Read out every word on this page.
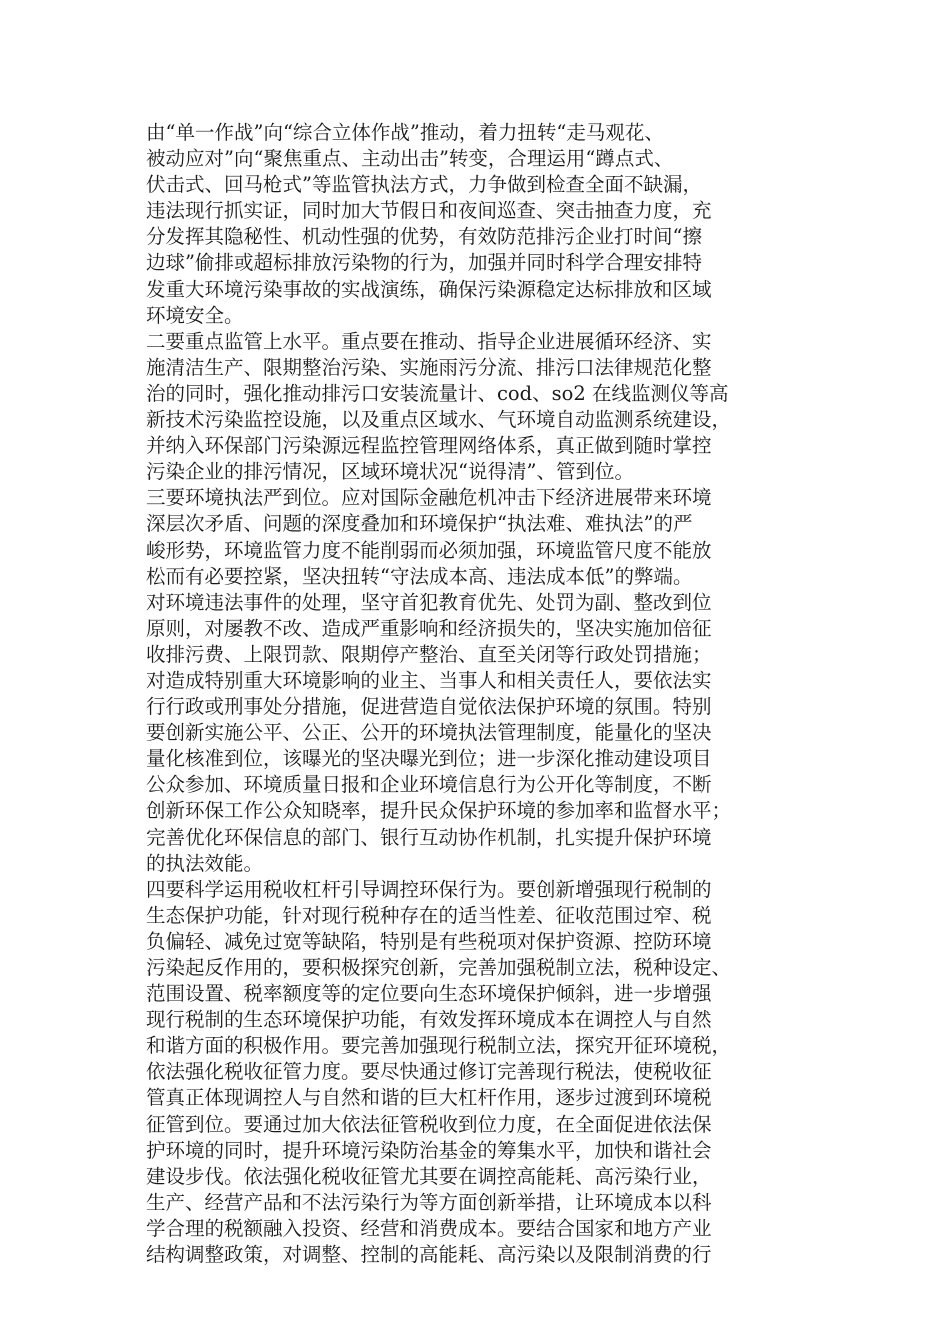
由“单一作战”向“综合立体作战”推动，着力扭转“走马观花、
被动应对”向“聚焦重点、主动出击”转变，合理运用“蹲点式、
伏击式、回马枪式”等监管执法方式，力争做到检查全面不缺漏，
违法现行抓实证，同时加大节假日和夜间巡查、突击抽查力度，充
分发挥其隐秘性、机动性强的优势，有效防范排污企业打时间“擦
边球”偷排或超标排放污染物的行为，加强并同时科学合理安排特
发重大环境污染事故的实战演练，确保污染源稳定达标排放和区域
环境安全。
二要重点监管上水平。重点要在推动、指导企业进展循环经济、实
施清洁生产、限期整治污染、实施雨污分流、排污口法律规范化整
治的同时，强化推动排污口安装流量计、cod、so2 在线监测仪等高
新技术污染监控设施，以及重点区域水、气环境自动监测系统建设，
并纳入环保部门污染源远程监控管理网络体系，真正做到随时掌控
污染企业的排污情况，区域环境状况“说得清”、管到位。
三要环境执法严到位。应对国际金融危机冲击下经济进展带来环境
深层次矛盾、问题的深度叠加和环境保护“执法难、难执法”的严
峻形势，环境监管力度不能削弱而必须加强，环境监管尺度不能放
松而有必要控紧，坚决扭转“守法成本高、违法成本低”的弊端。
对环境违法事件的处理，坚守首犯教育优先、处罚为副、整改到位
原则，对屡教不改、造成严重影响和经济损失的，坚决实施加倍征
收排污费、上限罚款、限期停产整治、直至关闭等行政处罚措施；
对造成特别重大环境影响的业主、当事人和相关责任人，要依法实
行行政或刑事处分措施，促进营造自觉依法保护环境的氛围。特别
要创新实施公平、公正、公开的环境执法管理制度，能量化的坚决
量化核准到位，该曝光的坚决曝光到位；进一步深化推动建设项目
公众参加、环境质量日报和企业环境信息行为公开化等制度，不断
创新环保工作公众知晓率，提升民众保护环境的参加率和监督水平；
完善优化环保信息的部门、银行互动协作机制，扎实提升保护环境
的执法效能。
四要科学运用税收杠杆引导调控环保行为。要创新增强现行税制的
生态保护功能，针对现行税种存在的适当性差、征收范围过窄、税
负偏轻、减免过宽等缺陷，特别是有些税项对保护资源、控防环境
污染起反作用的，要积极探究创新，完善加强税制立法，税种设定、
范围设置、税率额度等的定位要向生态环境保护倾斜，进一步增强
现行税制的生态环境保护功能，有效发挥环境成本在调控人与自然
和谐方面的积极作用。要完善加强现行税制立法，探究开征环境税，
依法强化税收征管力度。要尽快通过修订完善现行税法，使税收征
管真正体现调控人与自然和谐的巨大杠杆作用，逐步过渡到环境税
征管到位。要通过加大依法征管税收到位力度，在全面促进依法保
护环境的同时，提升环境污染防治基金的筹集水平，加快和谐社会
建设步伐。依法强化税收征管尤其要在调控高能耗、高污染行业，
生产、经营产品和不法污染行为等方面创新举措，让环境成本以科
学合理的税额融入投资、经营和消费成本。要结合国家和地方产业
结构调整政策，对调整、控制的高能耗、高污染以及限制消费的行
